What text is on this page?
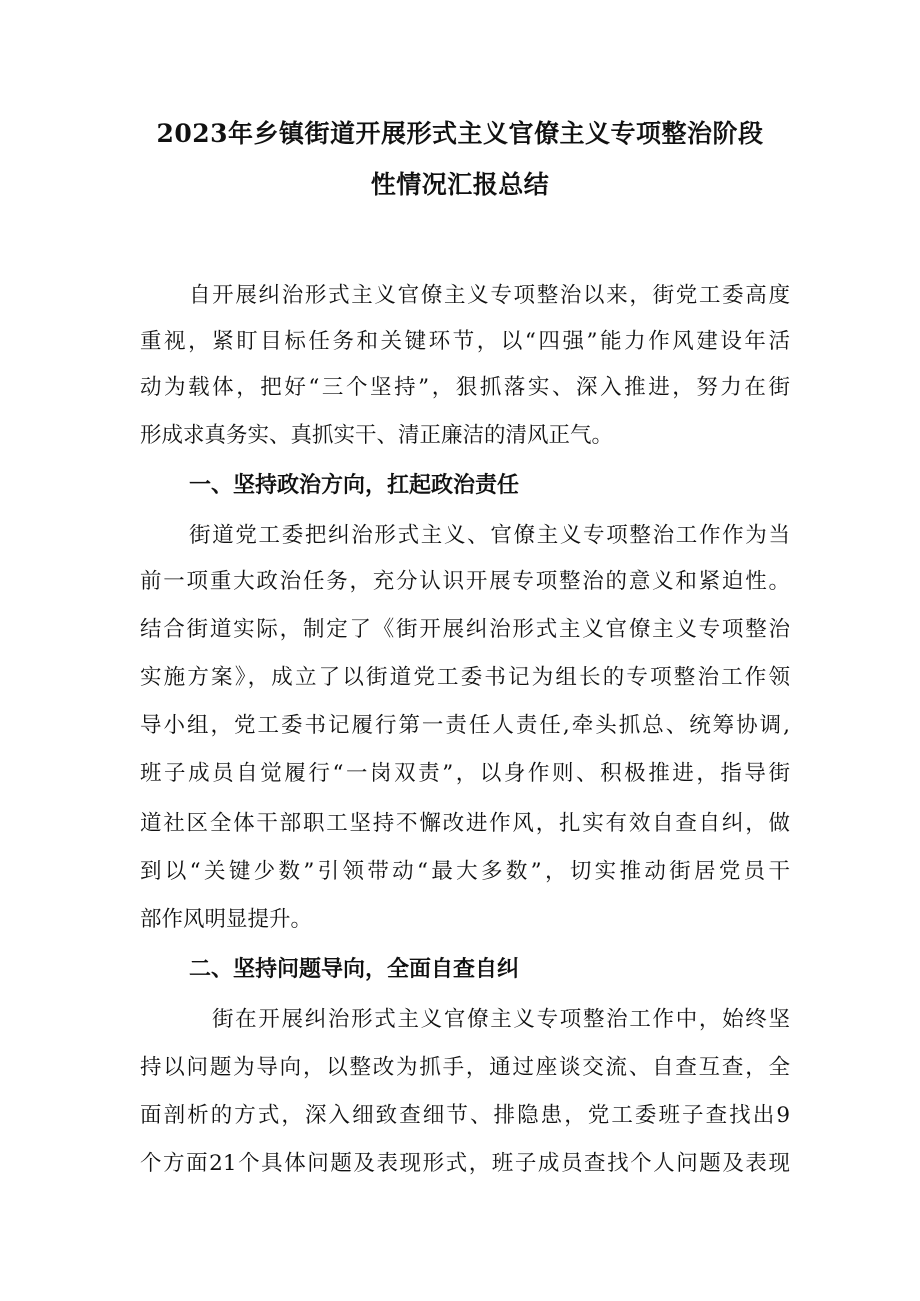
2023年乡镇街道开展形式主义官僚主义专项整治阶段
性情况汇报总结

自开展纠治形式主义官僚主义专项整治以来，街党工委高度

重视，紧盯目标任务和关键环节，以“四强”能力作风建设年活

动为载体，把好“三个坚持”，狠抓落实、深入推进，努力在街

形成求真务实、真抓实干、清正廉洁的清风正气。

一、坚持政治方向，扛起政治责任

街道党工委把纠治形式主义、官僚主义专项整治工作作为当

前一项重大政治任务，充分认识开展专项整治的意义和紧迫性。

结合街道实际，制定了《街开展纠治形式主义官僚主义专项整治

实施方案》，成立了以街道党工委书记为组长的专项整治工作领

导小组，党工委书记履行第一责任人责任,牵头抓总、统筹协调,

班子成员自觉履行“一岗双责”，以身作则、积极推进，指导街

道社区全体干部职工坚持不懈改进作风，扎实有效自查自纠，做

到以“关键少数”引领带动“最大多数”，切实推动街居党员干

部作风明显提升。

二、坚持问题导向，全面自查自纠

街在开展纠治形式主义官僚主义专项整治工作中，始终坚

持以问题为导向，以整改为抓手，通过座谈交流、自查互查，全

面剖析的方式，深入细致查细节、排隐患，党工委班子查找出9

个方面21个具体问题及表现形式，班子成员查找个人问题及表现
